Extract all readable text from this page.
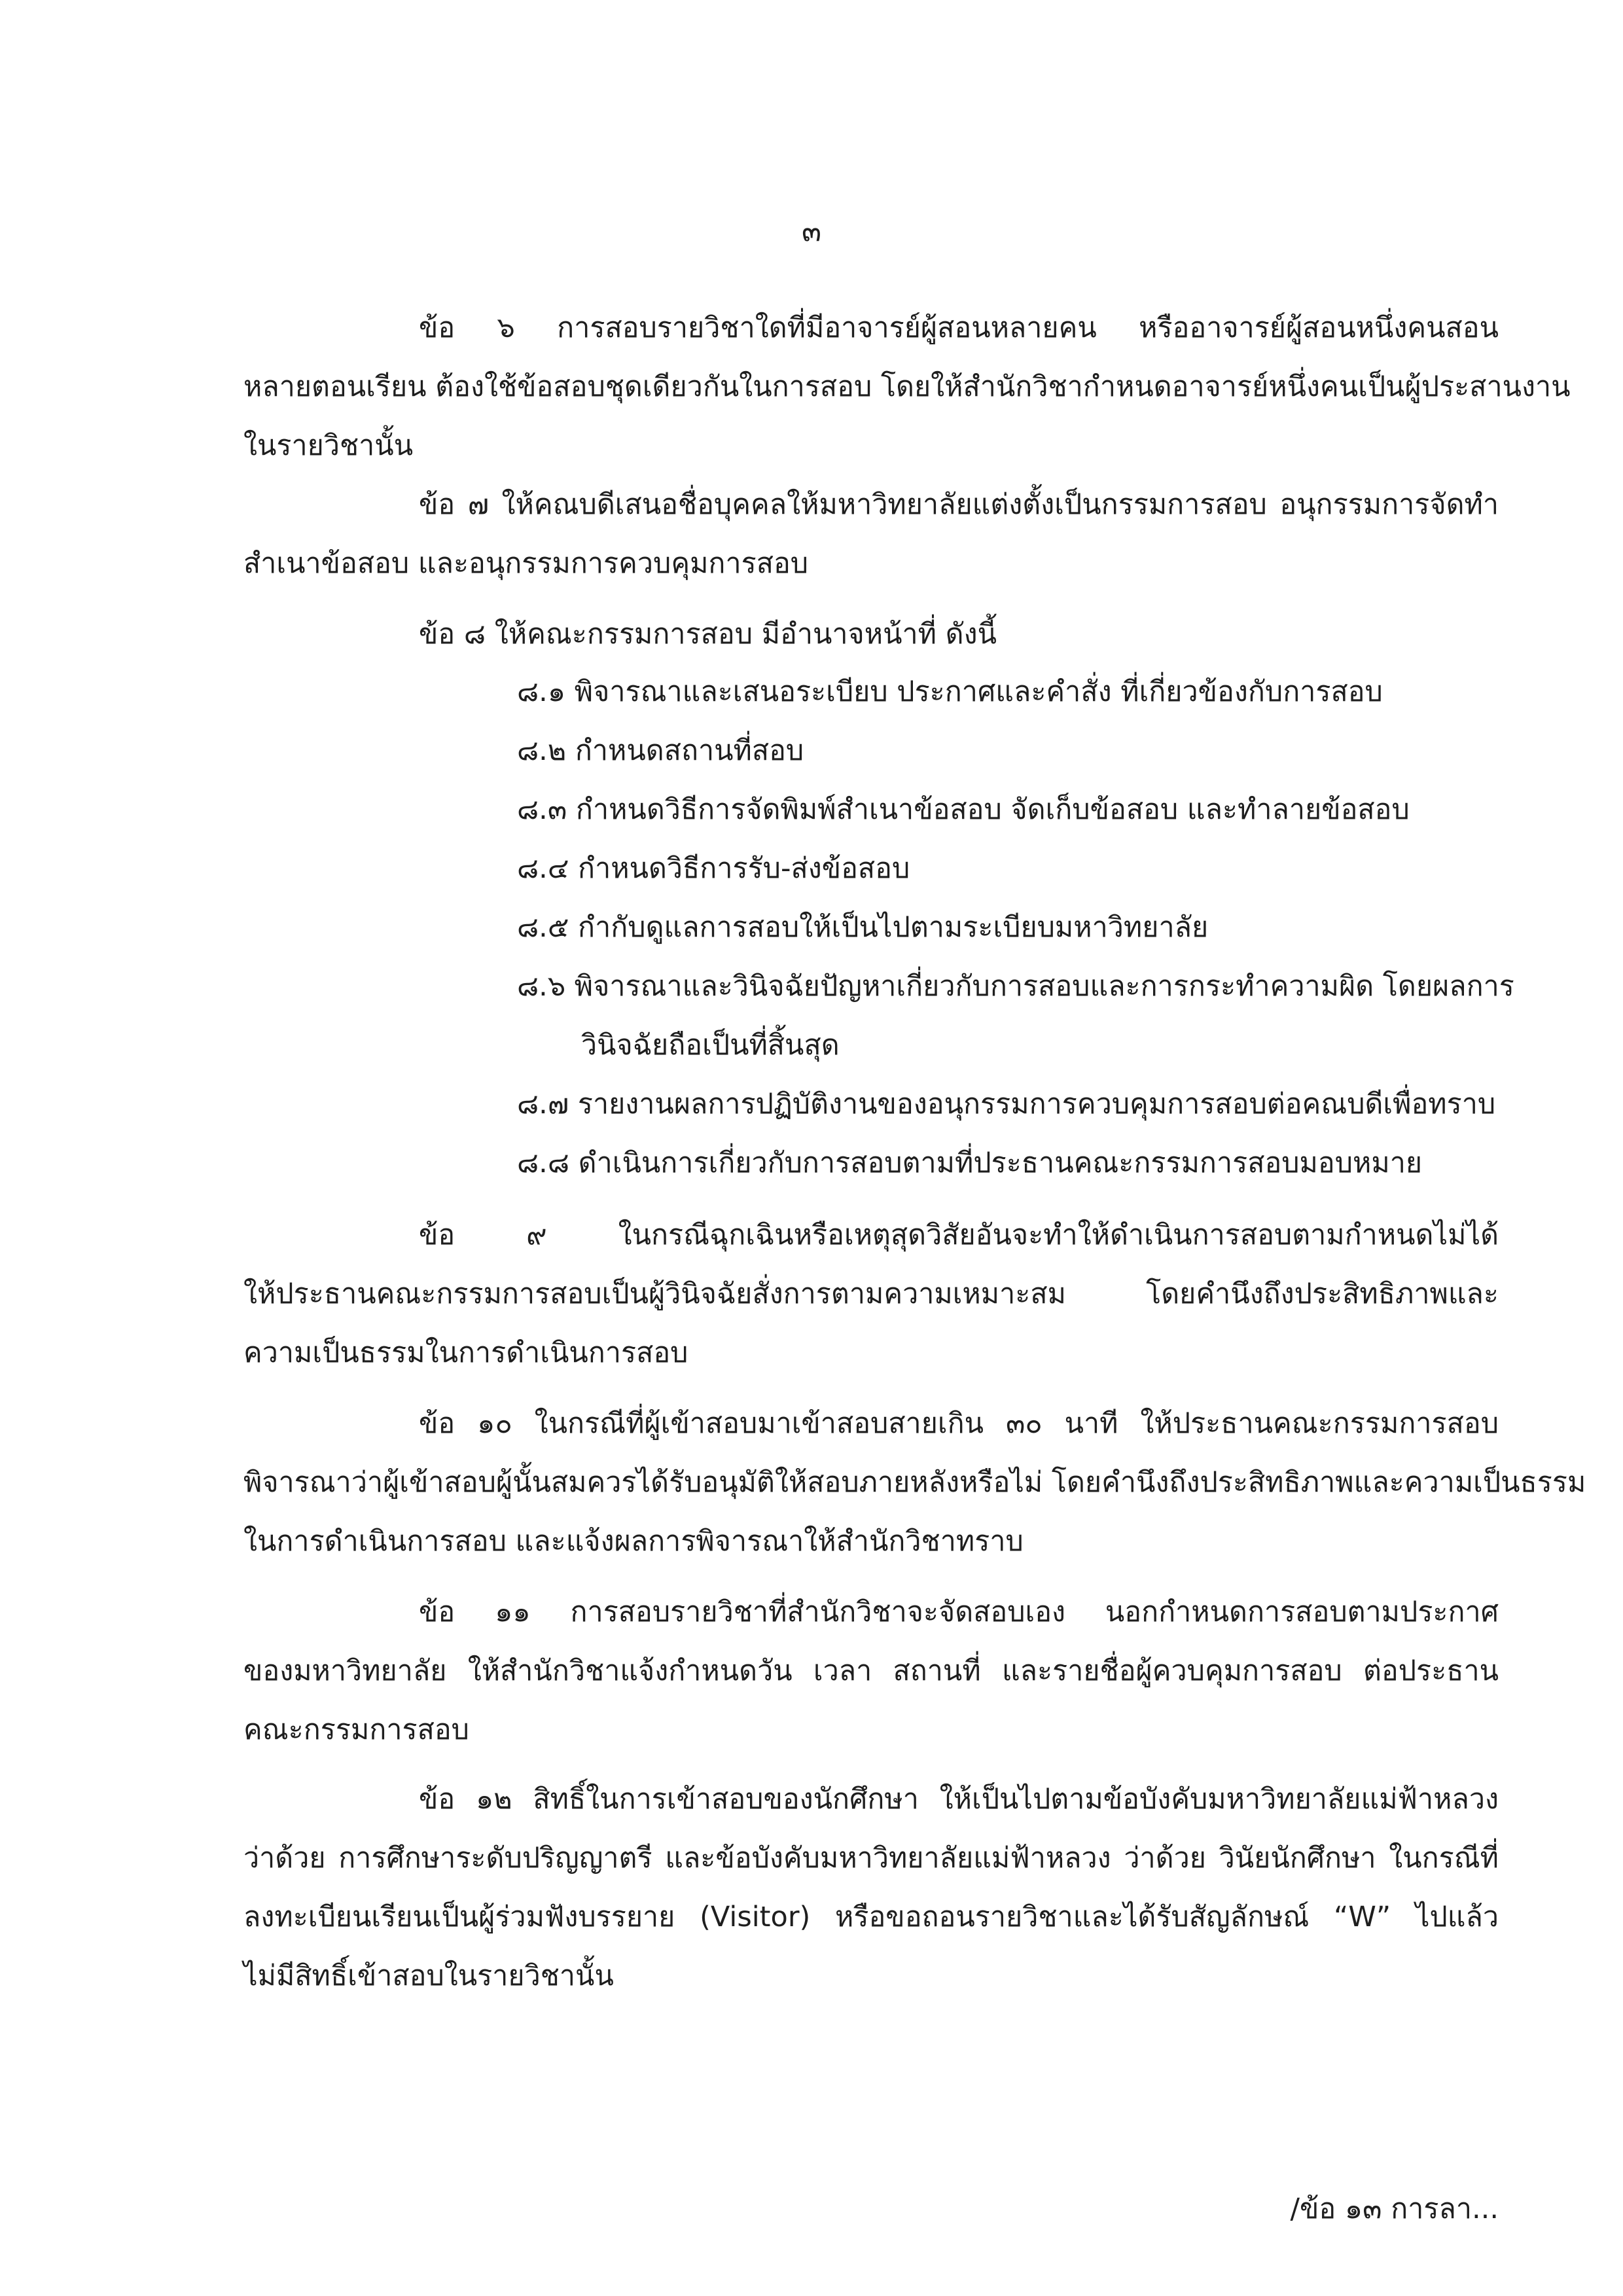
๓
ข้อ ๖ การสอบรายวิชาใดที่มีอาจารย์ผู้สอนหลายคน หรืออาจารย์ผู้สอนหนึ่งคนสอน
หลายตอนเรียน ต้องใช้ข้อสอบชุดเดียวกันในการสอบ โดยให้สำนักวิชากำหนดอาจารย์หนึ่งคนเป็นผู้ประสานงาน
ในรายวิชานั้น
ข้อ ๗ ให้คณบดีเสนอชื่อบุคคลให้มหาวิทยาลัยแต่งตั้งเป็นกรรมการสอบ อนุกรรมการจัดทำ
สำเนาข้อสอบ และอนุกรรมการควบคุมการสอบ
ข้อ ๘ ให้คณะกรรมการสอบ มีอำนาจหน้าที่ ดังนี้
๘.๑ พิจารณาและเสนอระเบียบ ประกาศและคำสั่ง ที่เกี่ยวข้องกับการสอบ
๘.๒ กำหนดสถานที่สอบ
๘.๓ กำหนดวิธีการจัดพิมพ์สำเนาข้อสอบ จัดเก็บข้อสอบ และทำลายข้อสอบ
๘.๔ กำหนดวิธีการรับ-ส่งข้อสอบ
๘.๕ กำกับดูแลการสอบให้เป็นไปตามระเบียบมหาวิทยาลัย
๘.๖ พิจารณาและวินิจฉัยปัญหาเกี่ยวกับการสอบและการกระทำความผิด โดยผลการ
วินิจฉัยถือเป็นที่สิ้นสุด
๘.๗ รายงานผลการปฏิบัติงานของอนุกรรมการควบคุมการสอบต่อคณบดีเพื่อทราบ
๘.๘ ดำเนินการเกี่ยวกับการสอบตามที่ประธานคณะกรรมการสอบมอบหมาย
ข้อ ๙ ในกรณีฉุกเฉินหรือเหตุสุดวิสัยอันจะทำให้ดำเนินการสอบตามกำหนดไม่ได้
ให้ประธานคณะกรรมการสอบเป็นผู้วินิจฉัยสั่งการตามความเหมาะสม โดยคำนึงถึงประสิทธิภาพและ
ความเป็นธรรมในการดำเนินการสอบ
ข้อ ๑๐ ในกรณีที่ผู้เข้าสอบมาเข้าสอบสายเกิน ๓๐ นาที ให้ประธานคณะกรรมการสอบ
พิจารณาว่าผู้เข้าสอบผู้นั้นสมควรได้รับอนุมัติให้สอบภายหลังหรือไม่ โดยคำนึงถึงประสิทธิภาพและความเป็นธรรม
ในการดำเนินการสอบ และแจ้งผลการพิจารณาให้สำนักวิชาทราบ
ข้อ ๑๑ การสอบรายวิชาที่สำนักวิชาจะจัดสอบเอง นอกกำหนดการสอบตามประกาศ
ของมหาวิทยาลัย ให้สำนักวิชาแจ้งกำหนดวัน เวลา สถานที่ และรายชื่อผู้ควบคุมการสอบ ต่อประธาน
คณะกรรมการสอบ
ข้อ ๑๒ สิทธิ์ในการเข้าสอบของนักศึกษา ให้เป็นไปตามข้อบังคับมหาวิทยาลัยแม่ฟ้าหลวง
ว่าด้วย การศึกษาระดับปริญญาตรี และข้อบังคับมหาวิทยาลัยแม่ฟ้าหลวง ว่าด้วย วินัยนักศึกษา ในกรณีที่
ลงทะเบียนเรียนเป็นผู้ร่วมฟังบรรยาย (Visitor) หรือขอถอนรายวิชาและได้รับสัญลักษณ์ “W” ไปแล้ว
ไม่มีสิทธิ์เข้าสอบในรายวิชานั้น
/ข้อ ๑๓ การลา...
